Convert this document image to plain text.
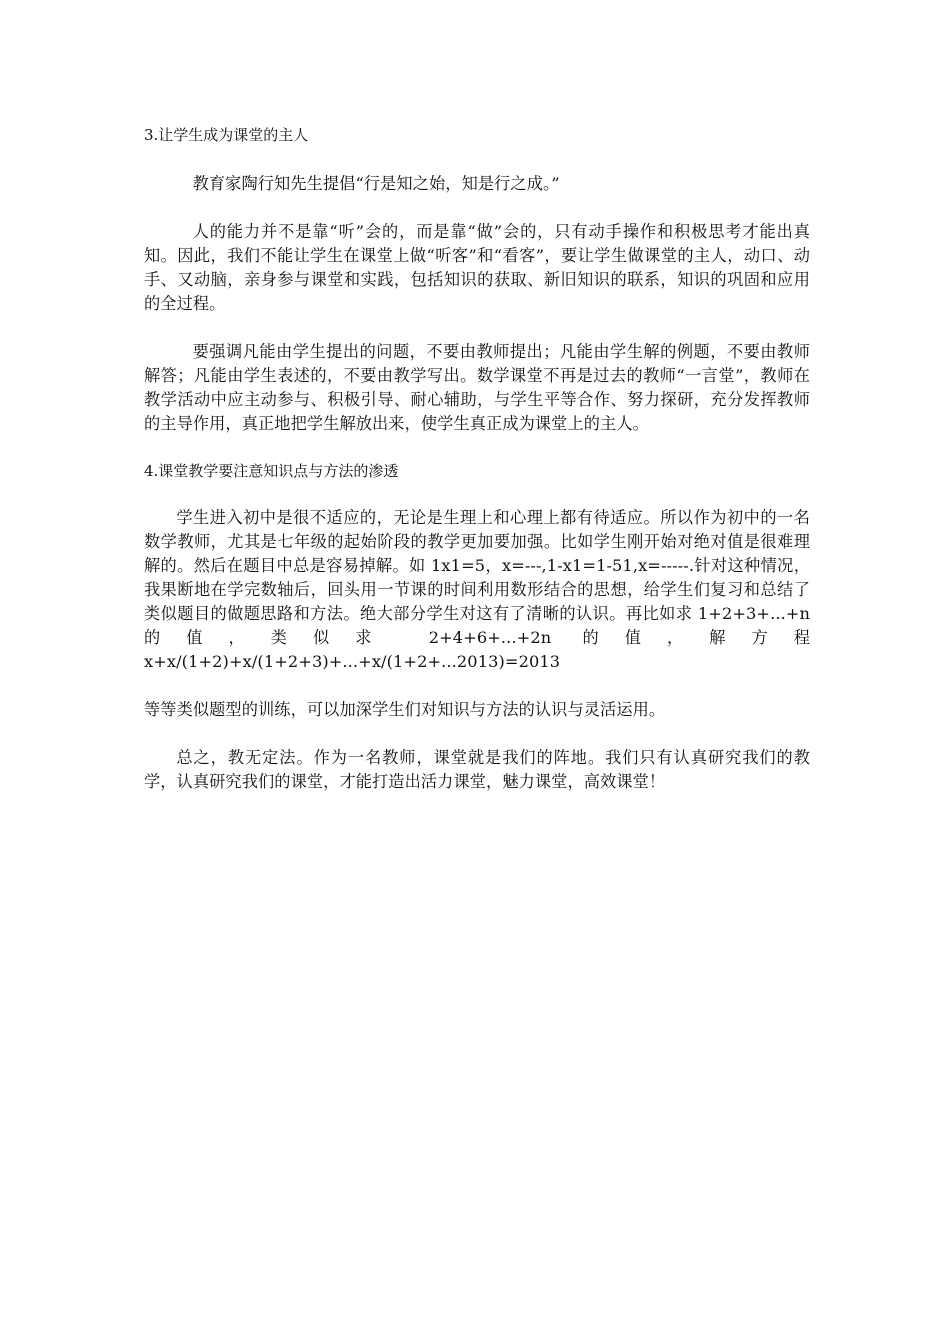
3.让学生成为课堂的主人

教育家陶行知先生提倡“行是知之始，知是行之成。”

人的能力并不是靠“听”会的，而是靠“做”会的，只有动手操作和积极思考才能出真知。因此，我们不能让学生在课堂上做“听客”和“看客”，要让学生做课堂的主人，动口、动手、又动脑，亲身参与课堂和实践，包括知识的获取、新旧知识的联系，知识的巩固和应用的全过程。

要强调凡能由学生提出的问题，不要由教师提出；凡能由学生解的例题，不要由教师解答；凡能由学生表述的，不要由教学写出。数学课堂不再是过去的教师“一言堂”，教师在教学活动中应主动参与、积极引导、耐心辅助，与学生平等合作、努力探研，充分发挥教师的主导作用，真正地把学生解放出来，使学生真正成为课堂上的主人。

4.课堂教学要注意知识点与方法的渗透

学生进入初中是很不适应的，无论是生理上和心理上都有待适应。所以作为初中的一名数学教师，尤其是七年级的起始阶段的教学更加要加强。比如学生刚开始对绝对值是很难理解的。然后在题目中总是容易掉解。如 1x1=5，x=---,1-x1=1-51,x=-----.针对这种情况，我果断地在学完数轴后，回头用一节课的时间利用数形结合的思想，给学生们复习和总结了类似题目的做题思路和方法。绝大部分学生对这有了清晰的认识。再比如求 1+2+3+...+n 的值，类似求 2+4+6+...+2n 的值，解方程 x+x/(1+2)+x/(1+2+3)+...+x/(1+2+...2013)=2013

等等类似题型的训练，可以加深学生们对知识与方法的认识与灵活运用。

总之，教无定法。作为一名教师，课堂就是我们的阵地。我们只有认真研究我们的教学，认真研究我们的课堂，才能打造出活力课堂，魅力课堂，高效课堂！
